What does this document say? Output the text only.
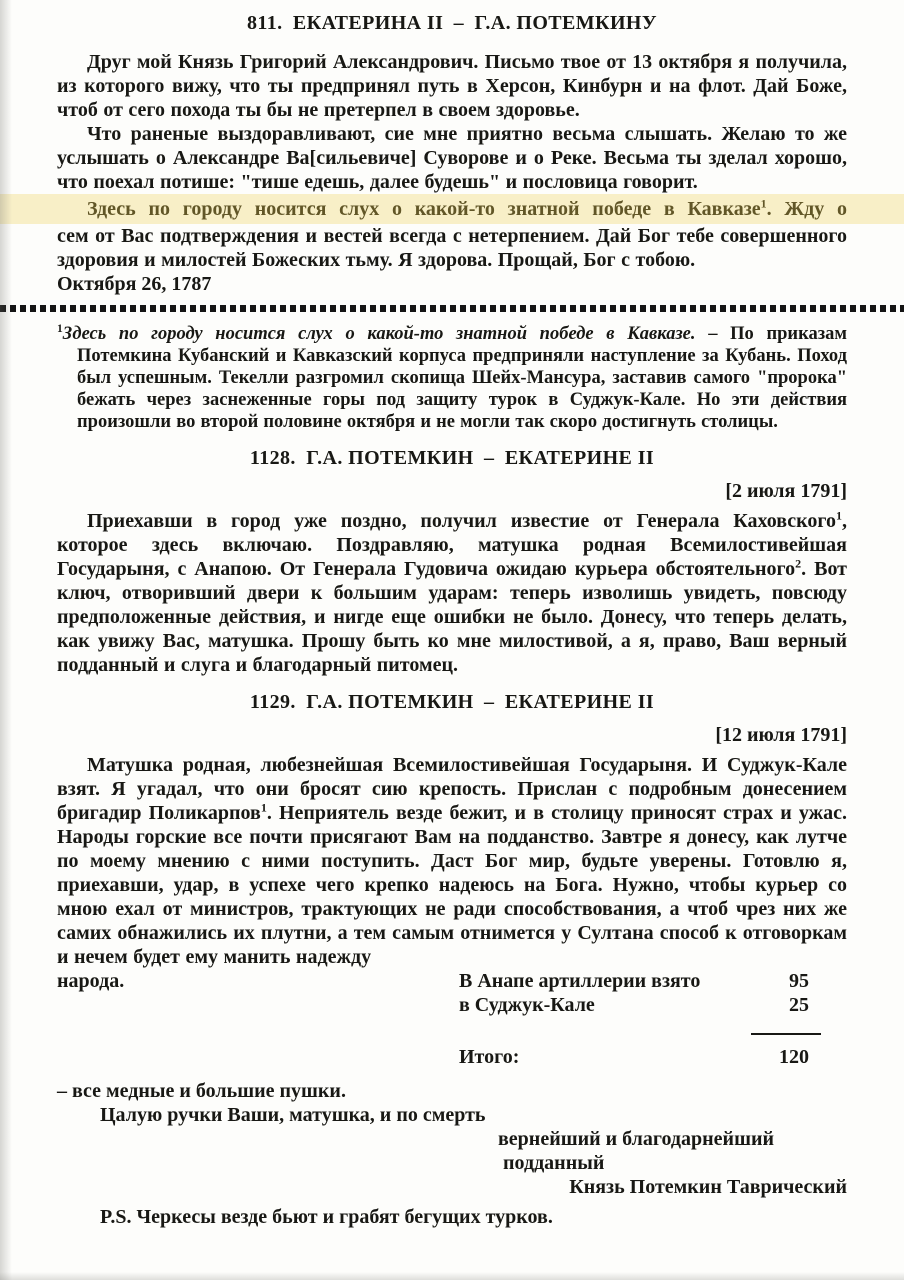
811. ЕКАТЕРИНА II – Г.А. ПОТЕМКИНУ

Друг мой Князь Григорий Александрович. Письмо твое от 13 октября я получила, из которого вижу, что ты предпринял путь в Херсон, Кинбурн и на флот. Дай Боже, чтоб от сего похода ты бы не претерпел в своем здоровье.

Что раненые выздоравливают, сие мне приятно весьма слышать. Желаю то же услышать о Александре Ва[сильевиче] Суворове и о Реке. Весьма ты зделал хорошо, что поехал потише: "тише едешь, далее будешь" и пословица говорит.

Здесь по городу носится слух о какой-то знатной победе в Кавказе$^1$. Жду о

сем от Вас подтверждения и вестей всегда с нетерпением. Дай Бог тебе совершенного здоровия и милостей Божеских тьму. Я здорова. Прощай, Бог с тобою.

Октября 26, 1787

$^1$Здесь по городу носится слух о какой-то знатной победе в Кавказе. – По приказам Потемкина Кубанский и Кавказский корпуса предприняли наступление за Кубань. Поход был успешным. Текелли разгромил скопища Шейх-Мансура, заставив самого "пророка" бежать через заснеженные горы под защиту турок в Суджук-Кале. Но эти действия произошли во второй половине октября и не могли так скоро достигнуть столицы.

1128. Г.А. ПОТЕМКИН – ЕКАТЕРИНЕ II
[2 июля 1791]

Приехавши в город уже поздно, получил известие от Генерала Каховского$^1$, которое здесь включаю. Поздравляю, матушка родная Всемилостивейшая Государыня, с Анапою. От Генерала Гудовича ожидаю курьера обстоятельного$^2$. Вот ключ, отворивший двери к большим ударам: теперь изволишь увидеть, повсюду предположенные действия, и нигде еще ошибки не было. Донесу, что теперь делать, как увижу Вас, матушка. Прошу быть ко мне милостивой, а я, право, Ваш верный подданный и слуга и благодарный питомец.

1129. Г.А. ПОТЕМКИН – ЕКАТЕРИНЕ II
[12 июля 1791]

Матушка родная, любезнейшая Всемилостивейшая Государыня. И Суджук-Кале взят. Я угадал, что они бросят сию крепость. Прислан с подробным донесением бригадир Поликарпов$^1$. Неприятель везде бежит, и в столицу приносят страх и ужас. Народы горские все почти присягают Вам на подданство. Завтре я донесу, как лутче по моему мнению с ними поступить. Даст Бог мир, будьте уверены. Готовлю я, приехавши, удар, в успехе чего крепко надеюсь на Бога. Нужно, чтобы курьер со мною ехал от министров, трактующих не ради способствования, а чтоб чрез них же самих обнажились их плутни, а тем самым отнимется у Султана способ к отговоркам и нечем будет ему манить надежду

народа.	В Анапе артиллерии взято	95
в Суджук-Кале	25
Итого:	120

– все медные и большие пушки.

Цалую ручки Ваши, матушка, и по смерть

вернейший и благодарнейший

подданный

Князь Потемкин Таврический

P.S. Черкесы везде бьют и грабят бегущих турков.
